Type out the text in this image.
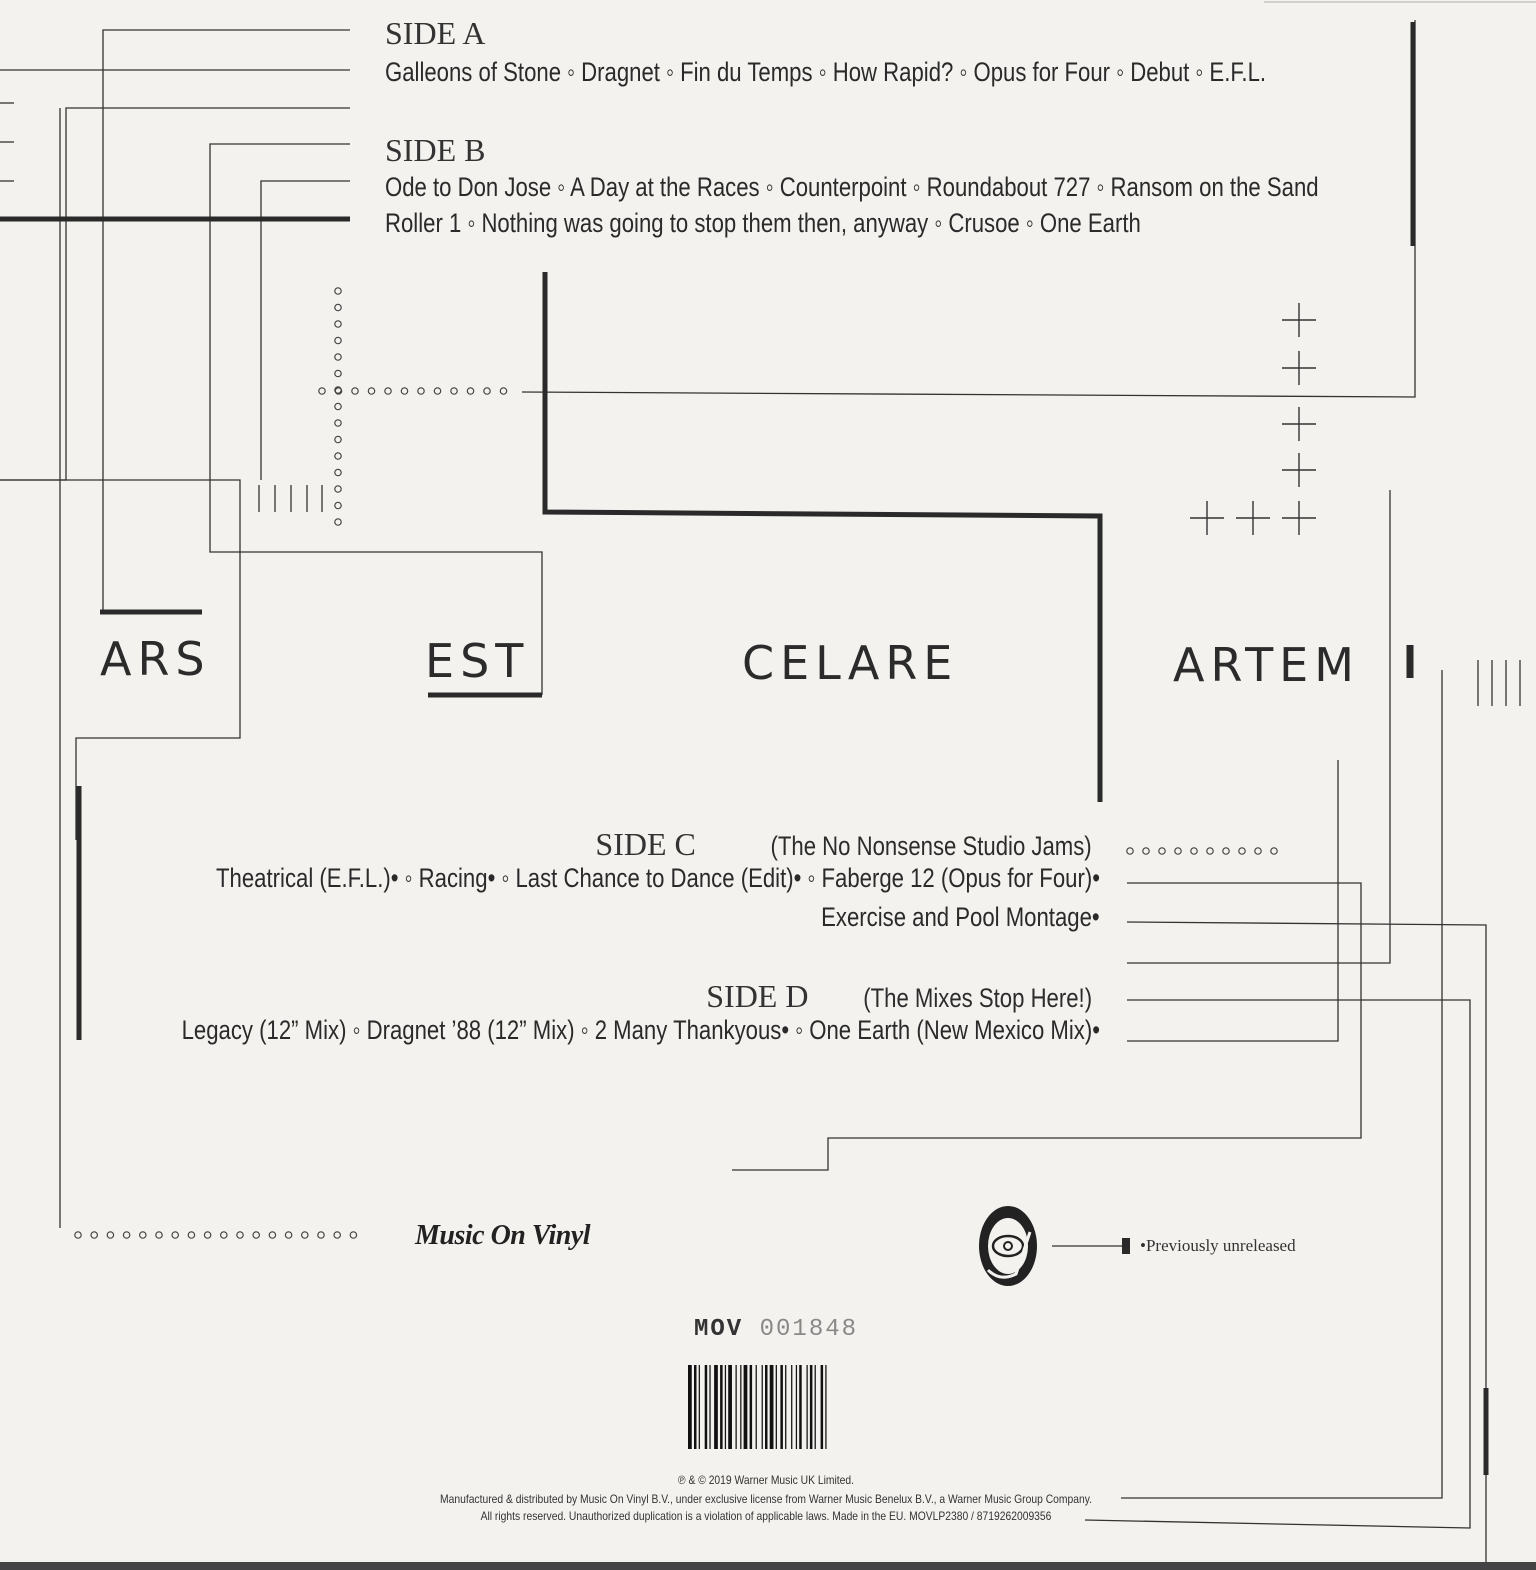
SIDE A
Galleons of Stone ◦ Dragnet ◦ Fin du Temps ◦ How Rapid? ◦ Opus for Four ◦ Debut ◦ E.F.L.
SIDE B
Ode to Don Jose ◦ A Day at the Races ◦ Counterpoint ◦ Roundabout 727 ◦ Ransom on the Sand
Roller 1 ◦ Nothing was going to stop them then, anyway ◦ Crusoe ◦ One Earth
ARS	EST	CELARE	ARTEM
SIDE C	(The No Nonsense Studio Jams)
Theatrical (E.F.L.)• ◦ Racing• ◦ Last Chance to Dance (Edit)• ◦ Faberge 12 (Opus for Four)•
Exercise and Pool Montage•
SIDE D (The Mixes Stop Here!)
Legacy (12” Mix) ◦ Dragnet ’88 (12” Mix) ◦ 2 Many Thankyous• ◦ One Earth (New Mexico Mix)•
Music On Vinyl	•Previously unreleased
MOV 001848
℗ & © 2019 Warner Music UK Limited.
Manufactured & distributed by Music On Vinyl B.V., under exclusive license from Warner Music Benelux B.V., a Warner Music Group Company.
All rights reserved. Unauthorized duplication is a violation of applicable laws. Made in the EU. MOVLP2380 / 8719262009356
